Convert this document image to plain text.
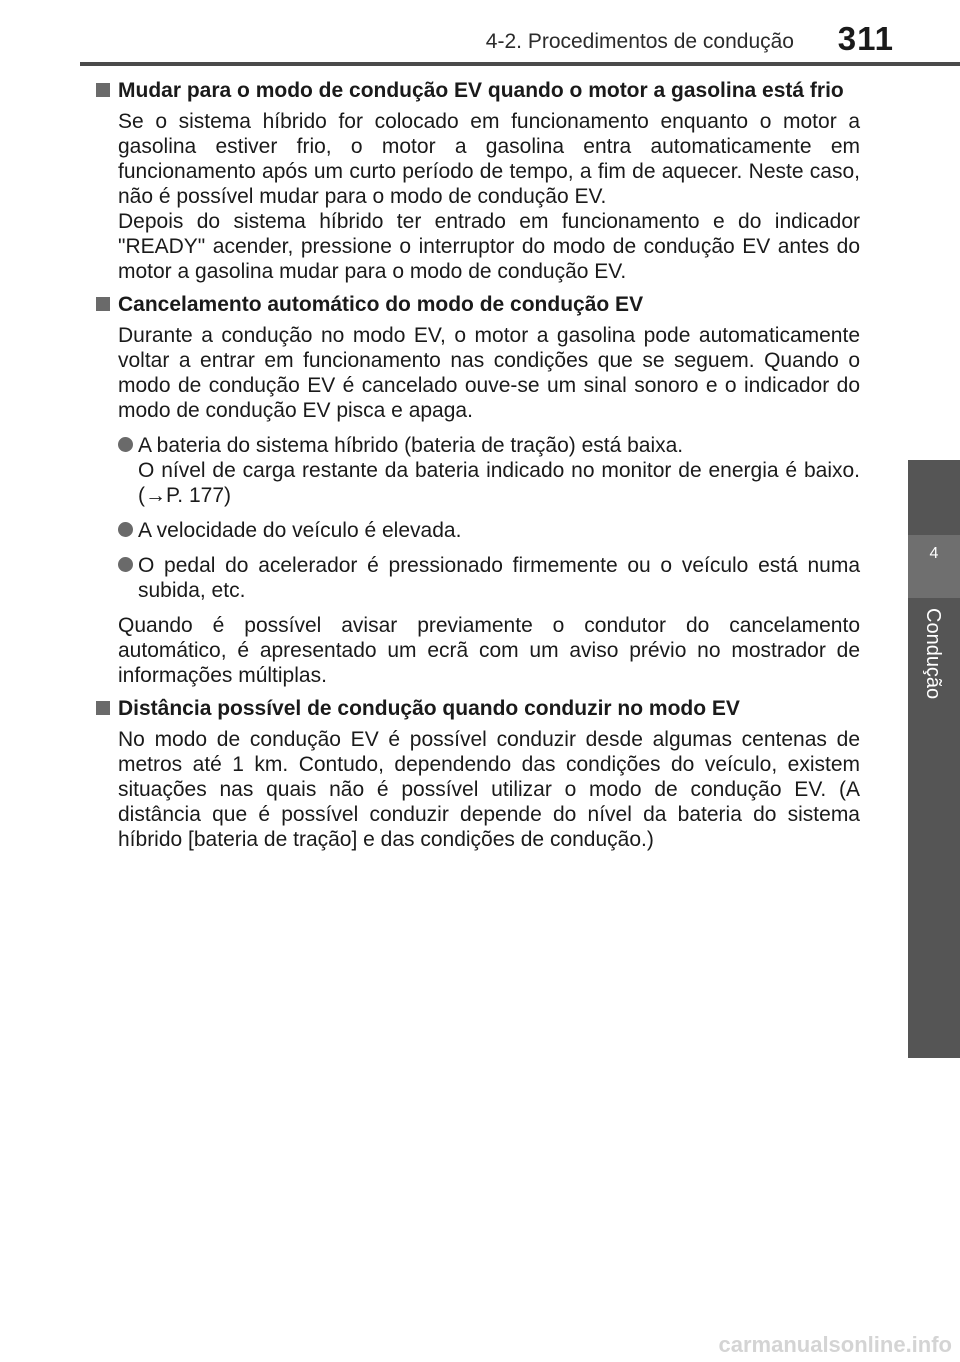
4-2. Procedimentos de condução 311
4
Condução

Mudar para o modo de condução EV quando o motor a gasolina está frio

Se o sistema híbrido for colocado em funcionamento enquanto o motor a gasolina estiver frio, o motor a gasolina entra automaticamente em funcionamento após um curto período de tempo, a fim de aquecer. Neste caso, não é possível mudar para o modo de condução EV.

Depois do sistema híbrido ter entrado em funcionamento e do indicador "READY" acender, pressione o interruptor do modo de condução EV antes do motor a gasolina mudar para o modo de condução EV.

Cancelamento automático do modo de condução EV

Durante a condução no modo EV, o motor a gasolina pode automaticamente voltar a entrar em funcionamento nas condições que se seguem. Quando o modo de condução EV é cancelado ouve-se um sinal sonoro e o indicador do modo de condução EV pisca e apaga.

A bateria do sistema híbrido (bateria de tração) está baixa.
O nível de carga restante da bateria indicado no monitor de energia é baixo. (→P. 177)
A velocidade do veículo é elevada.
O pedal do acelerador é pressionado firmemente ou o veículo está numa subida, etc.

Quando é possível avisar previamente o condutor do cancelamento automático, é apresentado um ecrã com um aviso prévio no mostrador de informações múltiplas.

Distância possível de condução quando conduzir no modo EV

No modo de condução EV é possível conduzir desde algumas centenas de metros até 1 km. Contudo, dependendo das condições do veículo, existem situações nas quais não é possível utilizar o modo de condução EV. (A distância que é possível conduzir depende do nível da bateria do sistema híbrido [bateria de tração] e das condições de condução.)

carmanualsonline.info
